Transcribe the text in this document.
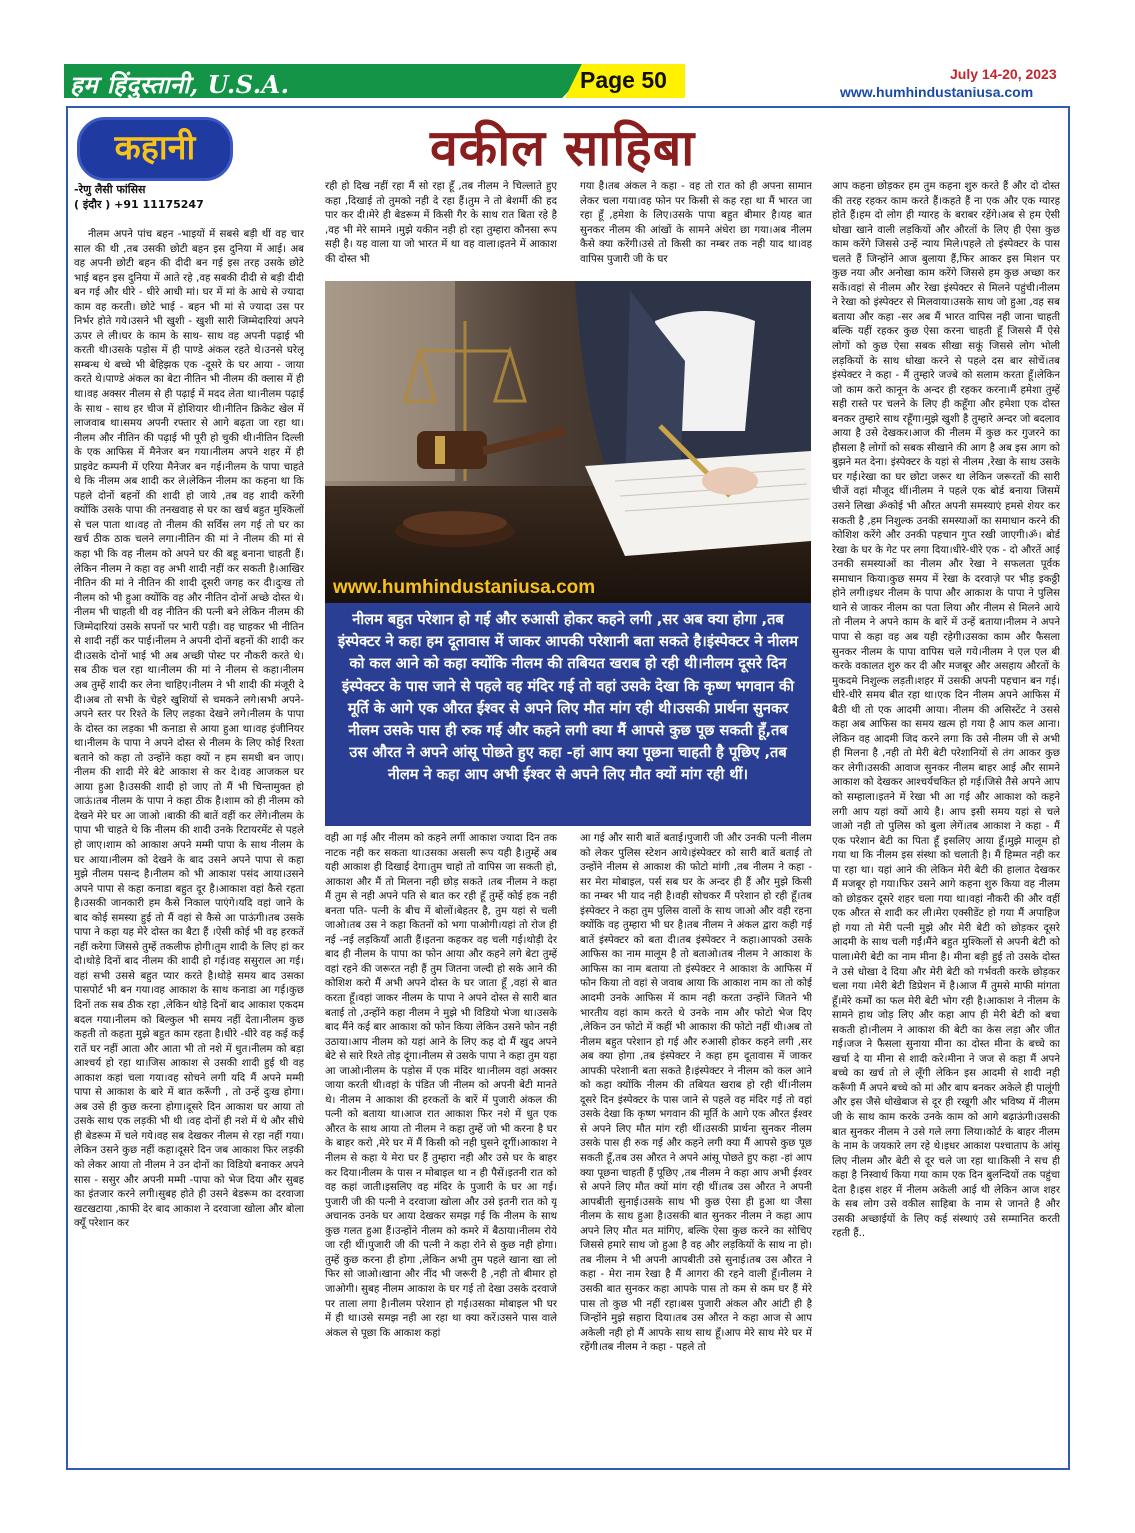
हम हिंदुस्तानी, U.S.A.	Page 50	July 14-20, 2023
www.humhindustaniusa.com
कहानी	वकील साहिबा
-रेणु लैसी फांसिस
( इंदौर ) +91 11175247

नीलम अपने पांच बहन -भाइयों में सबसे बड़ी थीं वह चार साल की थी ,तब उसकी छोटी बहन इस दुनिया में आई। अब वह अपनी छोटी बहन की दीदी बन गई इस तरह उसके छोटे भाई बहन इस दुनिया में आते रहे ,वह सबकी दीदी से बड़ी दीदी बन गई और धीरे - धीरे आधी मां। घर में मां के आधे से ज्यादा काम वह करती। छोटे भाई - बहन भी मां से ज्यादा उस पर निर्भर होते गये।उसने भी खुशी - खुशी सारी जिम्मेदारियां अपने ऊपर ले ली।घर के काम के साथ- साथ वह अपनी पढ़ाई भी करती थी।उसके पड़ोस में ही पाण्डे अंकल रहते थे।उनसे घरेलू सम्बन्ध थे बच्चे भी बेहिझक एक -दूसरे के घर आया - जाया करते थे।पाण्डे अंकल का बेटा नीतिन भी नीलम की क्लास में ही था।वह अक्सर नीलम से ही पढ़ाई में मदद लेता था।नीलम पढ़ाई के साथ - साथ हर चीज में होशियार थी।नीतिन क्रिकेट खेल में लाजवाब था।समय अपनी रफ्तार से आगे बढ़ता जा रहा था।नीलम और नीतिन की पढ़ाई भी पूरी हो चुकी थी।नीतिन दिल्ली के एक आफिस में मैनेजर बन गया।नीलम अपने शहर में ही प्राइवेट कम्पनी में एरिया मैनेजर बन गई।नीलम के पापा चाहते थे कि नीलम अब शादी कर ले।लेकिन नीलम का कहना था कि पहले दोनों बहनों की शादी हो जाये ,तब वह शादी करेंगी क्योंकि उसके पापा की तनखवाह से घर का खर्च बहुत मुश्किलों से चल पाता था।वह तो नीलम की सर्विस लग गई तो घर का खर्च ठीक ठाक चलने लगा।नीतिन की मां ने नीलम की मां से कहा भी कि वह नीलम को अपने घर की बहू बनाना चाहती हैं।लेकिन नीलम ने कहा वह अभी शादी नहीं कर सकती है।आखिर नीतिन की मां ने नीतिन की शादी दूसरी जगह कर दी।दुःख तो नीलम को भी हुआ क्योंकि वह और नीतिन दोनों अच्छे दोस्त थे।नीलम भी चाहती थी वह नीतिन की पत्नी बने लेकिन नीलम की जिम्मेदारियां उसके सपनों पर भारी पड़ी। वह चाहकर भी नीतिन से शादी नहीं कर पाई।नीलम ने अपनी दोनों बहनों की शादी कर दी।उसके दोनों भाई भी अब अच्छी पोस्ट पर नौकरी करते थे।सब ठीक चल रहा था।नीलम की मां ने नीलम से कहा।नीलम अब तुम्हें शादी कर लेना चाहिए।नीलम ने भी शादी की मंजूरी दे दी।अब तो सभी के चेहरे खुशियों से चमकने लगे।सभी अपने- अपने स्तर पर रिश्ते के लिए लड़का देखने लगे।नीलम के पापा के दोस्त का लड़का भी कनाडा से आया हुआ था।वह इंजीनियर था।नीलम के पापा ने अपने दोस्त से नीलम के लिए कोई रिश्ता बताने को कहा तो उन्होंने कहा क्यों न हम समधी बन जाए।नीलम की शादी मेरे बेटे आकाश से कर दे।वह आजकल घर आया हुआ है।उसकी शादी हो जाए तो मैं भी चिन्तामुक्त हो जाऊं।तब नीलम के पापा ने कहा ठीक है।शाम को ही नीलम को देखने मेरे घर आ जाओ ।बाकी की बातें वहीं कर लेंगे।नीलम के पापा भी चाहते थे कि नीलम की शादी उनके रिटायरमेंट से पहले हो जाए।शाम को आकाश अपने मम्मी पापा के साथ नीलम के घर आया।नीलम को देखने के बाद उसने अपने पापा से कहा मुझे नीलम पसन्द है।नीलम को भी आकाश पसंद आया।उसने अपने पापा से कहा कनाडा बहुत दूर है।आकाश वहां कैसे रहता है।उसकी जानकारी हम कैसे निकाल पाएंगे।यदि वहां जाने के बाद कोई समस्या हुई तो मैं वहां से कैसे आ पाऊंगी।तब उसके पापा ने कहा यह मेरे दोस्त का बैटा हैं ।ऐसी कोई भी वह हरकतें नहीं करेगा जिससे तुम्हें तकलीफ होगी।तुम शादी के लिए हां कर दो।थोड़े दिनों बाद नीलम की शादी हो गई।वह ससुराल आ गई।वहां सभी उससे बहुत प्यार करते है।थोड़े समय बाद उसका पासपोर्ट भी बन गया।वह आकाश के साथ कनाडा आ गई।कुछ दिनों तक सब ठीक रहा ,लेकिन थोड़े दिनों बाद आकाश एकदम बदल गया।नीलम को बिल्कुल भी समय नहीं देता।नीलम कुछ कहती तो कहता मुझे बहुत काम रहता है।धीरे -धीरे वह कई कई रातें घर नहीं आता और आता भी तो नशे में धुत।नीलम को बड़ा आश्चर्य हो रहा था।जिस आकाश से उसकी शादी हुई थी वह आकाश कहां चला गया।वह सोचने लगी यदि मैं अपने मम्मी पापा से आकाश के बारे में बात करूँगी , तो उन्हें दुःख होगा।अब उसे ही कुछ करना होगा।दूसरे दिन आकाश घर आया तो उसके साथ एक लड़की भी थी ।वह दोनों ही नशे में थे और सीधे ही बेडरूम में चले गये।वह सब देखकर नीलम से रहा नहीं गया।लेकिन उसने कुछ नहीं कहा।दूसरे दिन जब आकाश फिर लड़की को लेकर आया तो नीलम ने उन दोनों का विडियो बनाकर अपने सास - ससुर और अपनी मम्मी -पापा को भेज दिया और सुबह का इंतजार करने लगी।सुबह होते ही उसने बेडरूम का दरवाजा खटखटाया ,काफी देर बाद आकाश ने दरवाजा खोला और बोला क्यूँ परेशान कर

रही हो दिख नहीं रहा मैं सो रहा हूँ ,तब नीलम ने चिल्लाते हुए कहा ,दिखाई तो तुमको नही दे रहा हैं।तुम ने तो बेशर्मी की हद पार कर दी।मेरे ही बेडरूम में किसी गैर के साथ रात बिता रहे है ,वह भी मेरे सामने ।मुझे यकीन नही हो रहा तुम्हारा कौनसा रूप सही है। यह वाला या जो भारत में था वह वाला।इतने में आकाश की दोस्त भी

गया है।तब अंकल ने कहा - वह तो रात को ही अपना सामान लेकर चला गया।वह फोन पर किसी से कह रहा था मैं भारत जा रहा हूँ ,हमेशा के लिए।उसके पापा बहुत बीमार है।यह बात सुनकर नीलम की आंखों के सामने अंधेरा छा गया।अब नीलम कैसे क्या करेंगी।उसे तो किसी का नम्बर तक नही याद था।वह वापिस पुजारी जी के घर

www.humhindustaniusa.com

नीलम बहुत परेशान हो गई और रुआसी होकर कहने लगी ,सर अब क्या होगा ,तब इंस्पेक्टर ने कहा हम दूतावास में जाकर आपकी परेशानी बता सकते है।इंस्पेक्टर ने नीलम को कल आने को कहा क्योंकि नीलम की तबियत खराब हो रही थी।नीलम दूसरे दिन इंस्पेक्टर के पास जाने से पहले वह मंदिर गई तो वहां उसके देखा कि कृष्ण भगवान की मूर्ति के आगे एक औरत ईश्वर से अपने लिए मौत मांग रही थी।उसकी प्रार्थना सुनकर नीलम उसके पास ही रुक गई और कहने लगी क्या मैं आपसे कुछ पूछ सकती हूँ,तब उस औरत ने अपने आंसू पोछते हुए कहा -हां आप क्या पूछना चाहती है पूछिए ,तब नीलम ने कहा आप अभी ईश्वर से अपने लिए मौत क्यों मांग रही थीं।

वही आ गई और नीलम को कहने लगीं आकाश ज्यादा दिन तक नाटक नही कर सकता था।उसका असली रूप यही है।तुम्हें अब यही आकाश ही दिखाई देगा।तुम चाहो तो वापिस जा सकती हो, आकाश और मैं तो मिलना नही छोड़ सकते ।तब नीलम ने कहा मैं तुम से नही अपने पति से बात कर रही हूँ तुम्हें कोई हक नही बनता पति- पत्नी के बीच में बोलों।बेहतर है, तुम यहां से चली जाओ।तब उस ने कहा कितनों को भगा पाओगी।यहां तो रोज ही नई -नई लड़कियाँ आती हैं।इतना कहकर वह चली गई।थोड़ी देर बाद ही नीलम के पापा का फोन आया और कहने लगे बेटा तुम्हें वहां रहने की जरूरत नही हैं तुम जितना जल्दी हो सके आने की कोशिश करो मैं अभी अपने दोस्त के घर जाता हूँ ,वहां से बात करता हूँ।वहां जाकर नीलम के पापा ने अपने दोस्त से सारी बात बताई तो ,उन्होंने कहा नीलम ने मुझे भी विडियो भेजा था।उसके बाद मैंने कई बार आकाश को फोन किया लेकिन उसने फोन नही उठाया।आप नीलम को यहां आने के लिए कह दो मैं खुद अपने बेटे से सारे रिश्ते तोड़ दूंगा।नीलम से उसके पापा ने कहा तुम यहा आ जाओ।नीलम के पड़ोस में एक मंदिर था।नीलम वहां अक्सर जाया करती थी।वहां के पंडित जी नीलम को अपनी बेटी मानते थे। नीलम ने आकाश की हरकतों के बारें में पुजारी अंकल की पत्नी को बताया था।आज रात आकाश फिर नशे में धुत एक औरत के साथ आया तो नीलम ने कहा तुम्हें जो भी करना है घर के बाहर करो ,मेरे घर में मैं किसी को नही घुसने दूगीं।आकाश ने नीलम से कहा ये मेरा घर हैं तुम्हारा नही और उसे घर के बाहर कर दिया।नीलम के पास न मोबाइल था न ही पैसें।इतनी रात को वह कहां जाती।इसलिए वह मंदिर के पुजारी के घर आ गई।पुजारी जी की पत्नी ने दरवाजा खोला और उसे इतनी रात को यू अचानक उनके घर आया देखकर समझ गई कि नीलम के साथ कुछ गलत हुआ हैं।उन्होंने नीलम को कमरे में बैठाया।नीलम रोये जा रही थीं।पुजारी जी की पत्नी ने कहा रोने से कुछ नही होगा।तुम्हें कुछ करना ही होगा ,लेकिन अभी तुम पहले खाना खा लो फिर सो जाओ।खाना और नींद भी जरूरी है ,नही तो बीमार हो जाओगी। सुबह नीलम आकाश के घर गई तो देखा उसके दरवाजे पर ताला लगा है।नीलम परेशान हो गई।उसका मोबाइल भी घर में ही था।उसे समझ नही आ रहा था क्या करें।उसने पास वाले अंकल से पूछा कि आकाश कहां

आ गई और सारी बातें बताई।पुजारी जी और उनकी पत्नी नीलम को लेकर पुलिस स्टेशन आये।इंस्पेक्टर को सारी बातें बताई तो उन्होंने नीलम से आकाश की फोटो मांगी ,तब नीलम ने कहा - सर मेरा मोबाइल, पर्स सब घर के अन्दर ही हैं और मुझे किसी का नम्बर भी याद नही है।वही सोचकर मैं परेशान हो रही हूँ।तब इंस्पेक्टर ने कहा तुम पुलिस वालों के साथ जाओ और वही रहना क्योंकि वह तुम्हारा भी घर है।तब नीलम ने अंकल द्वारा कही गई बातें इंस्पेक्टर को बता दी।तब इंस्पेक्टर ने कहा।आपको उसके आफिस का नाम मालूम है तो बताओ।तब नीलम ने आकाश के आफिस का नाम बताया तो इंस्पेक्टर ने आकाश के आफिस में फोन किया तो वहां से जवाब आया कि आकाश नाम का तो कोई आदमी उनके आफिस में काम नही करता उन्होंने जितने भी भारतीय वहां काम करते थे उनके नाम और फोटो भेज दिए ,लेकिन उन फोटो में कहीं भी आकाश की फोटो नहीं थी।अब तो नीलम बहुत परेशान हो गई और रुआसी होकर कहने लगी ,सर अब क्या होगा ,तब इंस्पेक्टर ने कहा हम दूतावास में जाकर आपकी परेशानी बता सकते है।इंस्पेक्टर ने नीलम को कल आने को कहा क्योंकि नीलम की तबियत खराब हो रही थीं।नीलम दूसरे दिन इंस्पेक्टर के पास जाने से पहले वह मंदिर गई तो वहां उसके देखा कि कृष्ण भगवान की मूर्ति के आगे एक औरत ईश्वर से अपने लिए मौत मांग रही थीं।उसकी प्रार्थना सुनकर नीलम उसके पास ही रुक गई और कहने लगी क्या मैं आपसे कुछ पूछ सकती हूँ,तब उस औरत ने अपने आंसू पोछते हुए कहा -हां आप क्या पूछना चाहती हैं पूछिए ,तब नीलम ने कहा आप अभी ईश्वर से अपने लिए मौत क्यों मांग रही थीं।तब उस औरत ने अपनी आपबीती सुनाई।उसके साथ भी कुछ ऐसा ही हुआ था जैसा नीलम के साथ हुआ है।उसकी बात सुनकर नीलम ने कहा आप अपने लिए मौत मत मांगिए, बल्कि ऐसा कुछ करने का सोचिए जिससे हमारे साथ जो हुआ है वह और लड़कियों के साथ ना हो।तब नीलम ने भी अपनी आपबीती उसे सुनाई।तब उस औरत ने कहा - मेरा नाम रेखा है मैं आगरा की रहने वाली हूँ।नीलम ने उसकी बात सुनकर कहा आपके पास तो कम से कम घर हैं मेरे पास तो कुछ भी नहीं रहा।बस पुजारी अंकल और आंटी ही है जिन्होंने मुझे सहारा दिया।तब उस औरत ने कहा आज से आप अकेली नही हो मैं आपके साथ साथ हूँ।आप मेरे साथ मेरे घर में रहेंगी।तब नीलम ने कहा - पहले तो

आप कहना छोड़कर हम तुम कहना शुरु करते हैं और दो दोस्त की तरह रहकर काम करते हैं।कहते हैं ना एक और एक ग्यारह होते हैं।हम दो लोग ही ग्यारह के बराबर रहेंगे।अब से हम ऐसी धोखा खाने वाली लड़कियों और औरतों के लिए ही ऐसा कुछ काम करेंगे जिससे उन्हें न्याय मिले।पहले तो इंस्पेक्टर के पास चलते हैं जिन्होंने आज बुलाया हैं,फिर आकर इस मिशन पर कुछ नया और अनोखा काम करेंगे जिससे हम कुछ अच्छा कर सकें।वहां से नीलम और रेखा इंस्पेक्टर से मिलने पहुंची।नीलम ने रेखा को इंस्पेक्टर से मिलवाया।उसके साथ जो हुआ ,वह सब बताया और कहा -सर अब मैं भारत वापिस नही जाना चाहती बल्कि यहीं रहकर कुछ ऐसा करना चाहती हूँ जिससे मैं ऐसे लोगों को कुछ ऐसा सबक सीखा सकूं जिससे लोग भोली लड़कियों के साथ धोखा करने से पहले दस बार सोचें।तब इंस्पेक्टर ने कहा - मैं तुम्हारे जज्बे को सलाम करता हूँ।लेकिन जो काम करो कानून के अन्दर ही रहकर करना।मैं हमेशा तुम्हें सही रास्ते पर चलने के लिए ही कहूँगा और हमेशा एक दोस्त बनकर तुम्हारे साथ रहूँगा।मुझे खुशी है तुम्हारे अन्दर जो बदलाव आया है उसे देखकर।आज की नीलम में कुछ कर गुजरने का हौसला है लोगों को सबक सीखाने की आग है अब इस आग को बुझने मत देना। इंस्पेक्टर के यहां से नीलम ,रेखा के साथ उसके घर गई।रेखा का घर छोटा जरूर था लेकिन जरूरतों की सारी चीजें वहां मौजूद थीं।नीलम ने पहले एक बोर्ड बनाया जिसमें उसने लिखा ॐकोई भी औरत अपनी समस्याएं हमसे शेयर कर सकती है ,हम निशुल्क उनकी समस्याओं का समाधान करने की कोशिश करेंगे और उनकी पहचान गुप्त रखी जाएगी।ॐ। बोर्ड रेखा के घर के गेट पर लगा दिया।धीरे-धीरे एक - दो औरतें आई उनकी समस्याओं का नीलम और रेखा ने सफलता पूर्वक समाधान किया।कुछ समय में रेखा के दरवाज़े पर भीड़ इकठ्ठी होने लगी।इधर नीलम के पापा और आकाश के पापा ने पुलिस थाने से जाकर नीलम का पता लिया और नीलम से मिलने आये तो नीलम ने अपने काम के बारें में उन्हें बताया।नीलम ने अपने पापा से कहा वह अब यही रहेगी।उसका काम और फैसला सुनकर नीलम के पापा वापिस चले गये।नीलम ने एल एल बी करके वकालत शुरु कर दी और मजबूर और असहाय औरतों के मुकदमे निशुल्क लड़ती।शहर में उसकी अपनी पहचान बन गई।धीरे-धीरे समय बीत रहा था।एक दिन नीलम अपने आफिस में बैठी थी तो एक आदमी आया। नीलम की असिस्टेंट ने उससे कहा अब आफिस का समय खत्म हो गया है आप कल आना। लेकिन वह आदमी जिद करने लगा कि उसे नीलम जी से अभी ही मिलना है ,नही तो मेरी बेटी परेशानियों से तंग आकर कुछ कर लेगी।उसकी आवाज सुनकर नीलम बाहर आई और सामने आकाश को देखकर आश्चर्यचकित हो गई।जिसे तैसे अपने आप को सम्हाला।इतने में रेखा भी आ गई और आकाश को कहने लगी आप यहां क्यों आये है। आप इसी समय यहां से चले जाओ नही तो पुलिस को बुला लेगें।तब आकाश ने कहा - मैं एक परेशान बेटी का पिता हूँ इसलिए आया हूँ।मुझे मालूम हो गया था कि नीलम इस संस्था को चलाती है। मैं हिम्मत नही कर पा रहा था। यहां आने की लेकिन मेरी बेटी की हालात देखकर मैं मजबूर हो गया।फिर उसने आगे कहना शुरु किया वह नीलम को छोड़कर दूसरे शहर चला गया था।वहां नौकरी की और वहीं एक औरत से शादी कर ली।मेरा एक्सीडेंट हो गया मैं अपाहिज हो गया तो मेरी पत्नी मुझे और मेरी बेटी को छोड़कर दूसरे आदमी के साथ चली गईं।मैंने बहुत मुश्किलों से अपनी बेटी को पाला।मेरी बेटी का नाम मीना है। मीना बड़ी हुई तो उसके दोस्त ने उसे धोखा दे दिया और मेरी बेटी को गर्भवती करके छोड़कर चला गया ।मेरी बेटी डिप्रेशन में है।आज मैं तुमसे माफी मांगता हूँ।मेरे कर्मों का फल मेरी बेटी भोग रही है।आकाश ने नीलम के सामने हाथ जोड़ लिए और कहा आप ही मेरी बेटी को बचा सकती हो।नीलम ने आकाश की बेटी का केस लड़ा और जीत गई।जज ने फैसला सुनाया मीना का दोस्त मीना के बच्चे का खर्चा दे या मीना से शादी करे।मीना ने जज से कहा मैं अपने बच्चे का खर्च तो ले लूँगी लेकिन इस आदमी से शादी नही करूँगी मैं अपने बच्चे को मां और बाप बनकर अकेले ही पालूंगी और इस जैसे धोखेबाज से दूर ही रखूगी और भविष्य में नीलम जी के साथ काम करके उनके काम को आगे बढ़ाऊंगी।उसकी बात सुनकर नीलम ने उसे गले लगा लिया।कोर्ट के बाहर नीलम के नाम के जयकारे लग रहे थे।इधर आकाश पश्चाताप के आंसू लिए नीलम और बेटी से दूर चले जा रहा था।किसी ने सच ही कहा है निस्वार्थ किया गया काम एक दिन बुलन्दियों तक पहुंचा देता है।इस शहर में नीलम अकेली आई थी लेकिन आज शहर के सब लोग उसे वकील साहिबा के नाम से जानते है और उसकी अच्छाईयों के लिए कई संस्थाएं उसे सम्मानित करती रहती हैं..
